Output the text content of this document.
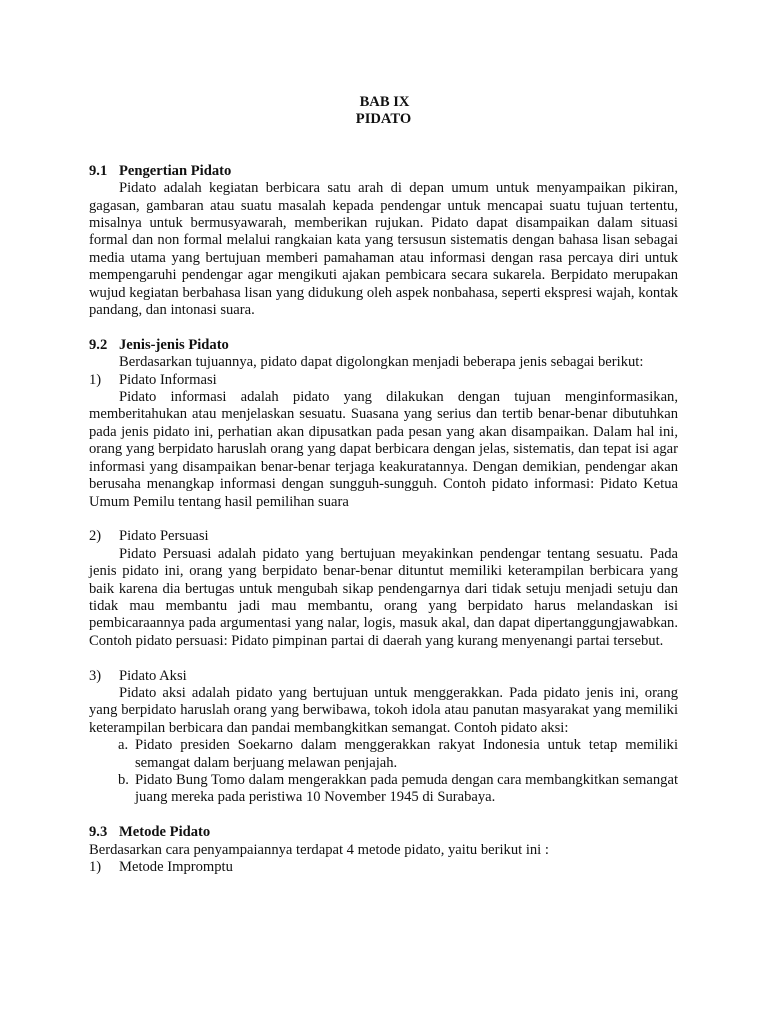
BAB IX

PIDATO

9.1 Pengertian Pidato

Pidato adalah kegiatan berbicara satu arah di depan umum untuk menyampaikan pikiran, gagasan, gambaran atau suatu masalah kepada pendengar untuk mencapai suatu tujuan tertentu, misalnya untuk bermusyawarah, memberikan rujukan. Pidato dapat disampaikan dalam situasi formal dan non formal melalui rangkaian kata yang tersusun sistematis dengan bahasa lisan sebagai media utama yang bertujuan memberi pamahaman atau informasi dengan rasa percaya diri untuk mempengaruhi pendengar agar mengikuti ajakan pembicara secara sukarela. Berpidato merupakan wujud kegiatan berbahasa lisan yang didukung oleh aspek nonbahasa, seperti ekspresi wajah, kontak pandang, dan intonasi suara.

9.2 Jenis-jenis Pidato

Berdasarkan tujuannya, pidato dapat digolongkan menjadi beberapa jenis sebagai berikut:

1) Pidato Informasi

Pidato informasi adalah pidato yang dilakukan dengan tujuan menginformasikan, memberitahukan atau menjelaskan sesuatu. Suasana yang serius dan tertib benar-benar dibutuhkan pada jenis pidato ini, perhatian akan dipusatkan pada pesan yang akan disampaikan. Dalam hal ini, orang yang berpidato haruslah orang yang dapat berbicara dengan jelas, sistematis, dan tepat isi agar informasi yang disampaikan benar-benar terjaga keakuratannya. Dengan demikian, pendengar akan berusaha menangkap informasi dengan sungguh-sungguh. Contoh pidato informasi: Pidato Ketua Umum Pemilu tentang hasil pemilihan suara

2) Pidato Persuasi

Pidato Persuasi adalah pidato yang bertujuan meyakinkan pendengar tentang sesuatu. Pada jenis pidato ini, orang yang berpidato benar-benar dituntut memiliki keterampilan berbicara yang baik karena dia bertugas untuk mengubah sikap pendengarnya dari tidak setuju menjadi setuju dan tidak mau membantu jadi mau membantu, orang yang berpidato harus melandaskan isi pembicaraannya pada argumentasi yang nalar, logis, masuk akal, dan dapat dipertanggungjawabkan. Contoh pidato persuasi: Pidato pimpinan partai di daerah yang kurang menyenangi partai tersebut.

3) Pidato Aksi

Pidato aksi adalah pidato yang bertujuan untuk menggerakkan. Pada pidato jenis ini, orang yang berpidato haruslah orang yang berwibawa, tokoh idola atau panutan masyarakat yang memiliki keterampilan berbicara dan pandai membangkitkan semangat. Contoh pidato aksi:

a. Pidato presiden Soekarno dalam menggerakkan rakyat Indonesia untuk tetap memiliki semangat dalam berjuang melawan penjajah.
b. Pidato Bung Tomo dalam mengerakkan pada pemuda dengan cara membangkitkan semangat juang mereka pada peristiwa 10 November 1945 di Surabaya.
9.3 Metode Pidato

Berdasarkan cara penyampaiannya terdapat 4 metode pidato, yaitu berikut ini :

1) Metode Impromptu
